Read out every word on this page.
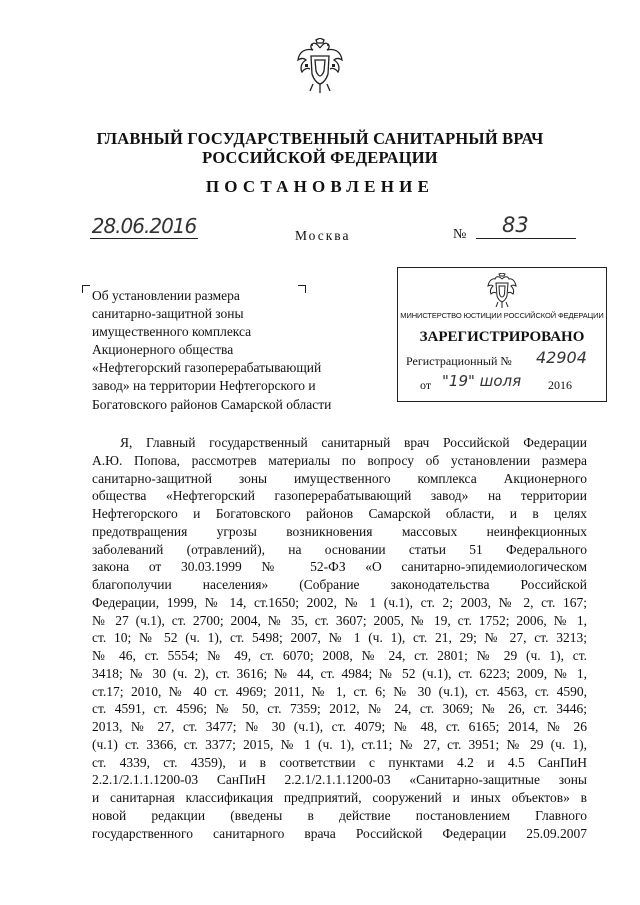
ГЛАВНЫЙ ГОСУДАРСТВЕННЫЙ САНИТАРНЫЙ ВРАЧ
РОССИЙСКОЙ ФЕДЕРАЦИИ
ПОСТАНОВЛЕНИЕ
28.06.2016	Москва	№	83

Об установлении размера

санитарно-защитной зоны

имущественного комплекса

Акционерного общества

«Нефтегорский газоперерабатывающий

завод» на территории Нефтегорского и

Богатовского районов Самарской области

МИНИСТЕРСТВО ЮСТИЦИИ РОССИЙСКОЙ ФЕДЕРАЦИИ
ЗАРЕГИСТРИРОВАНО
Регистрационный № 42904
от "19" шоля 2016
Я, Главный государственный санитарный врач Российской Федерации
А.Ю. Попова, рассмотрев материалы по вопросу об установлении размера
санитарно-защитной зоны имущественного комплекса Акционерного
общества «Нефтегорский газоперерабатывающий завод» на территории
Нефтегорского и Богатовского районов Самарской области, и в целях
предотвращения угрозы возникновения массовых неинфекционных
заболеваний (отравлений), на основании статьи 51 Федерального
закона от 30.03.1999 № 52-ФЗ «О санитарно-эпидемиологическом
благополучии населения» (Собрание законодательства Российской
Федерации, 1999, № 14, ст.1650; 2002, № 1 (ч.1), ст. 2; 2003, № 2, ст. 167;
№ 27 (ч.1), ст. 2700; 2004, № 35, ст. 3607; 2005, № 19, ст. 1752; 2006, № 1,
ст. 10; № 52 (ч. 1), ст. 5498; 2007, № 1 (ч. 1), ст. 21, 29; № 27, ст. 3213;
№ 46, ст. 5554; № 49, ст. 6070; 2008, № 24, ст. 2801; № 29 (ч. 1), ст.
3418; № 30 (ч. 2), ст. 3616; № 44, ст. 4984; № 52 (ч.1), ст. 6223; 2009, № 1,
ст.17; 2010, № 40 ст. 4969; 2011, № 1, ст. 6; № 30 (ч.1), ст. 4563, ст. 4590,
ст. 4591, ст. 4596; № 50, ст. 7359; 2012, № 24, ст. 3069; № 26, ст. 3446;
2013, № 27, ст. 3477; № 30 (ч.1), ст. 4079; № 48, ст. 6165; 2014, № 26
(ч.1) ст. 3366, ст. 3377; 2015, № 1 (ч. 1), ст.11; № 27, ст. 3951; № 29 (ч. 1),
ст. 4339, ст. 4359), и в соответствии с пунктами 4.2 и 4.5 СанПиН
2.2.1/2.1.1.1200-03 СанПиН 2.2.1/2.1.1.1200-03 «Санитарно-защитные зоны
и санитарная классификация предприятий, сооружений и иных объектов» в
новой редакции (введены в действие постановлением Главного
государственного санитарного врача Российской Федерации 25.09.2007
